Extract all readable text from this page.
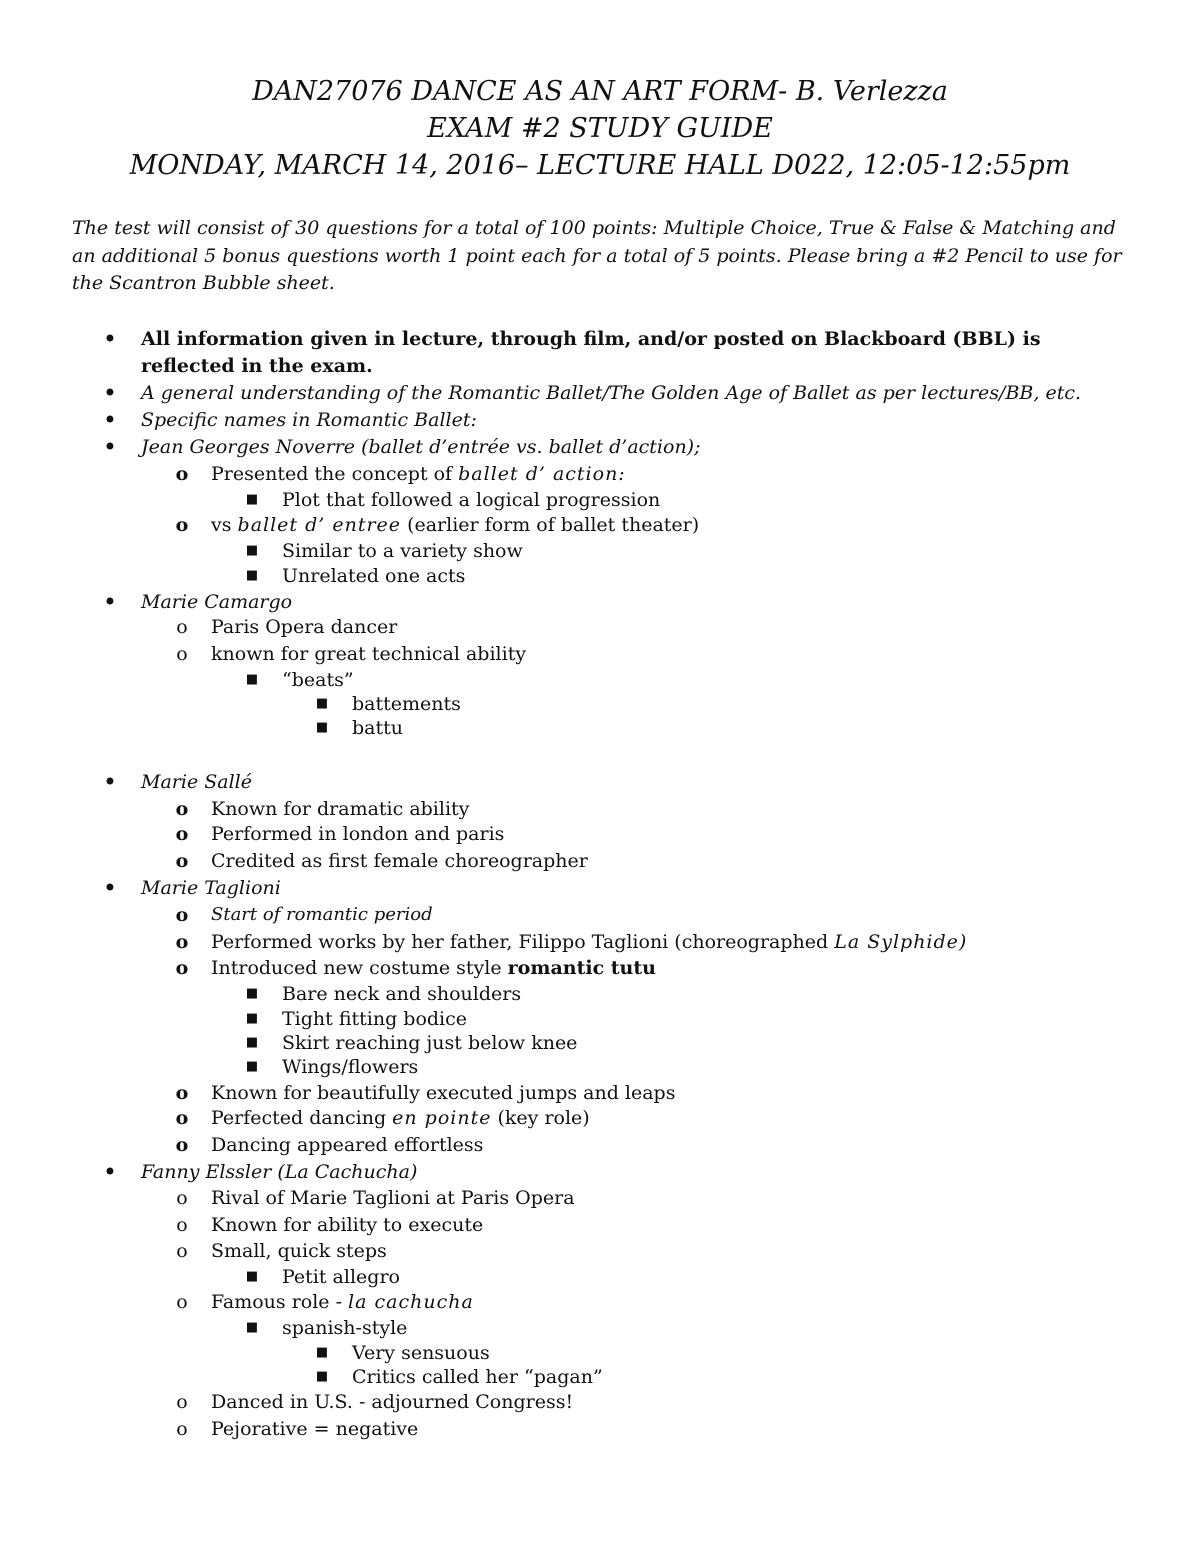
DAN27076 DANCE AS AN ART FORM- B. Verlezza
EXAM #2 STUDY GUIDE
MONDAY, MARCH 14, 2016– LECTURE HALL D022, 12:05-12:55pm
The test will consist of 30 questions for a total of 100 points: Multiple Choice, True & False & Matching and an additional 5 bonus questions worth 1 point each for a total of 5 points. Please bring a #2 Pencil to use for the Scantron Bubble sheet.
• All information given in lecture, through film, and/or posted on Blackboard (BBL) is
reflected in the exam.
• A general understanding of the Romantic Ballet/The Golden Age of Ballet as per lectures/BB, etc.
• Specific names in Romantic Ballet:
• Jean Georges Noverre (ballet d’entrée vs. ballet d’action);
o Presented the concept of ballet d’ action:
■ Plot that followed a logical progression
o vs ballet d’ entree (earlier form of ballet theater)
■ Similar to a variety show
■ Unrelated one acts
• Marie Camargo
o Paris Opera dancer
o known for great technical ability
■ “beats”
■ battements
■ battu
• Marie Sallé
o Known for dramatic ability
o Performed in london and paris
o Credited as first female choreographer
• Marie Taglioni
o Start of romantic period
o Performed works by her father, Filippo Taglioni (choreographed La Sylphide)
o Introduced new costume style romantic tutu
■ Bare neck and shoulders
■ Tight fitting bodice
■ Skirt reaching just below knee
■ Wings/flowers
o Known for beautifully executed jumps and leaps
o Perfected dancing en pointe (key role)
o Dancing appeared effortless
• Fanny Elssler (La Cachucha)
o Rival of Marie Taglioni at Paris Opera
o Known for ability to execute
o Small, quick steps
■ Petit allegro
o Famous role - la cachucha
■ spanish-style
■ Very sensuous
■ Critics called her “pagan”
o Danced in U.S. - adjourned Congress!
o Pejorative = negative
